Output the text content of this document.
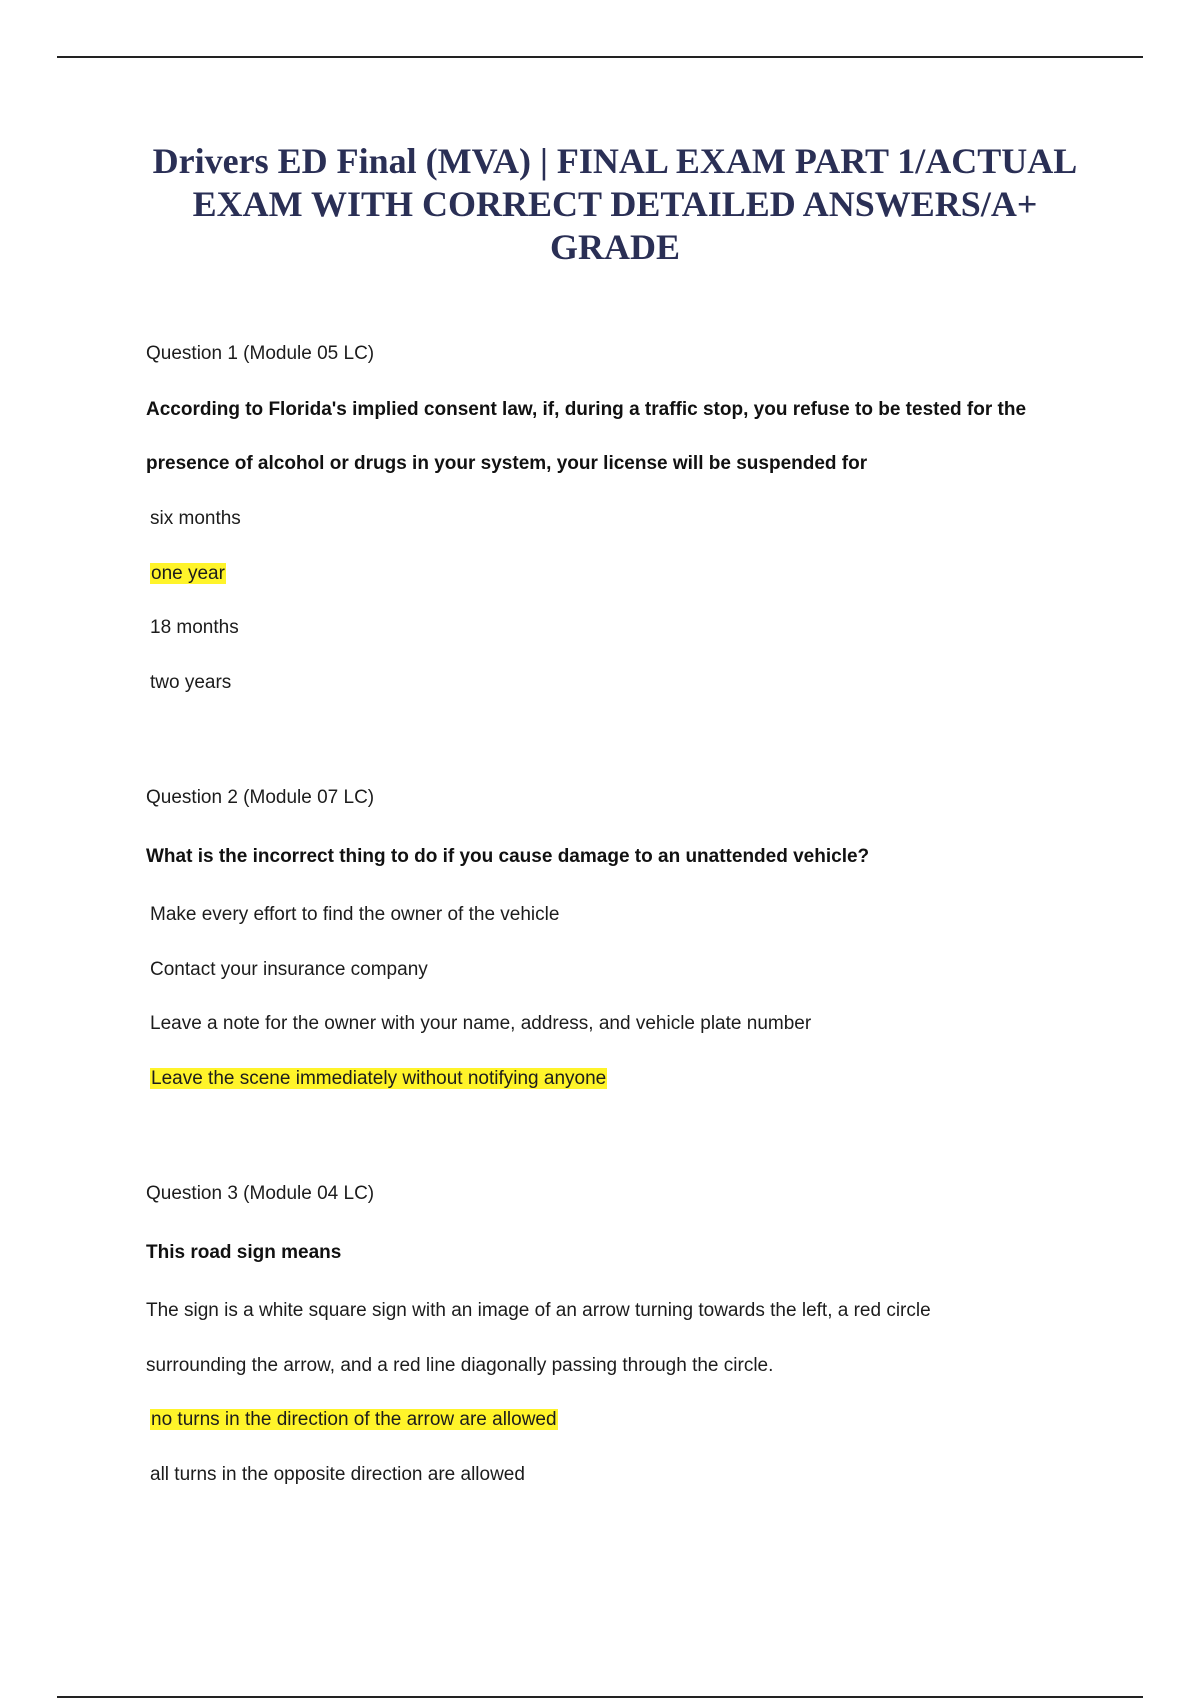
Drivers ED Final (MVA) | FINAL EXAM PART 1/ACTUAL EXAM WITH CORRECT DETAILED ANSWERS/A+ GRADE

Question 1 (Module 05 LC)

According to Florida's implied consent law, if, during a traffic stop, you refuse to be tested for the

presence of alcohol or drugs in your system, your license will be suspended for

six months

one year

18 months

two years

Question 2 (Module 07 LC)

What is the incorrect thing to do if you cause damage to an unattended vehicle?

Make every effort to find the owner of the vehicle

Contact your insurance company

Leave a note for the owner with your name, address, and vehicle plate number

Leave the scene immediately without notifying anyone

Question 3 (Module 04 LC)

This road sign means

The sign is a white square sign with an image of an arrow turning towards the left, a red circle

surrounding the arrow, and a red line diagonally passing through the circle.

no turns in the direction of the arrow are allowed

all turns in the opposite direction are allowed
